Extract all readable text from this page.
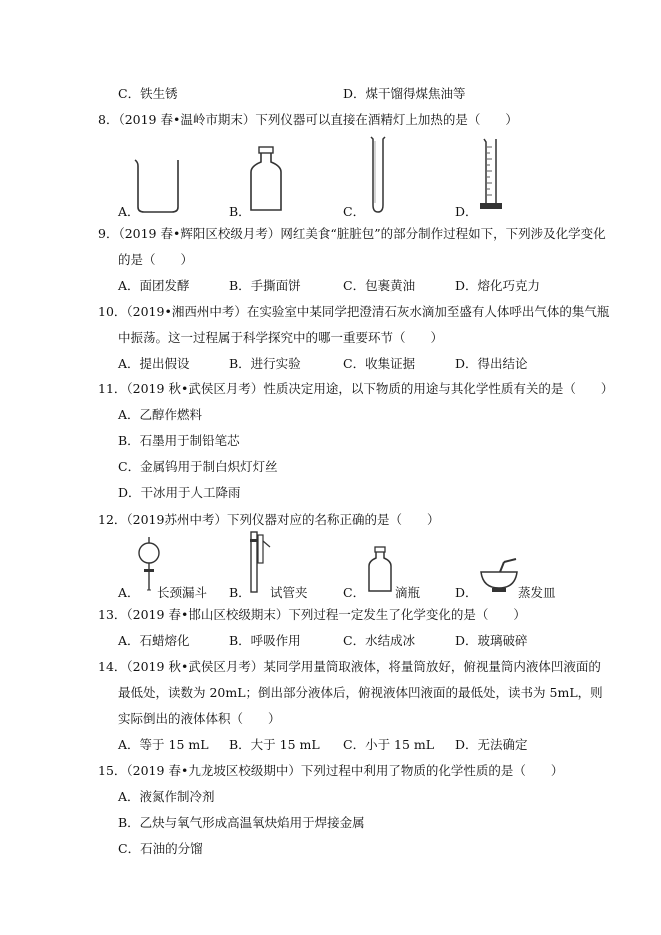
C．铁生锈	D．煤干馏得煤焦油等
8．（2019 春•温岭市期末）下列仪器可以直接在酒精灯上加热的是（　　）
A．	B．	C．	D．
9．（2019 春•辉阳区校级月考）网红美食“脏脏包”的部分制作过程如下，下列涉及化学变化
的是（　　）
A．面团发酵	B．手撕面饼	C．包裹黄油	D．熔化巧克力
10．（2019•湘西州中考）在实验室中某同学把澄清石灰水滴加至盛有人体呼出气体的集气瓶
中振荡。这一过程属于科学探究中的哪一重要环节（　　）
A．提出假设	B．进行实验	C．收集证据	D．得出结论
11．（2019 秋•武侯区月考）性质决定用途，以下物质的用途与其化学性质有关的是（　　）
A．乙醇作燃料
B．石墨用于制铅笔芯
C．金属钨用于制白炽灯灯丝
D．干冰用于人工降雨
12．（2019苏州中考）下列仪器对应的名称正确的是（　　）
A． 长颈漏斗 B． 试管夹	C． 滴瓶	D．	蒸发皿
13．（2019 春•邯山区校级期末）下列过程一定发生了化学变化的是（　　）
A．石蜡熔化	B．呼吸作用	C．水结成冰	D．玻璃破碎
14．（2019 秋•武侯区月考）某同学用量筒取液体，将量筒放好，俯视量筒内液体凹液面的
最低处，读数为 20mL；倒出部分液体后，俯视液体凹液面的最低处，读书为 5mL，则
实际倒出的液体体积（　　）
A．等于 15 mL B．大于 15 mL C．小于 15 mL D．无法确定
15．（2019 春•九龙坡区校级期中）下列过程中利用了物质的化学性质的是（　　）
A．液氮作制冷剂
B．乙炔与氧气形成高温氧炔焰用于焊接金属
C．石油的分馏
